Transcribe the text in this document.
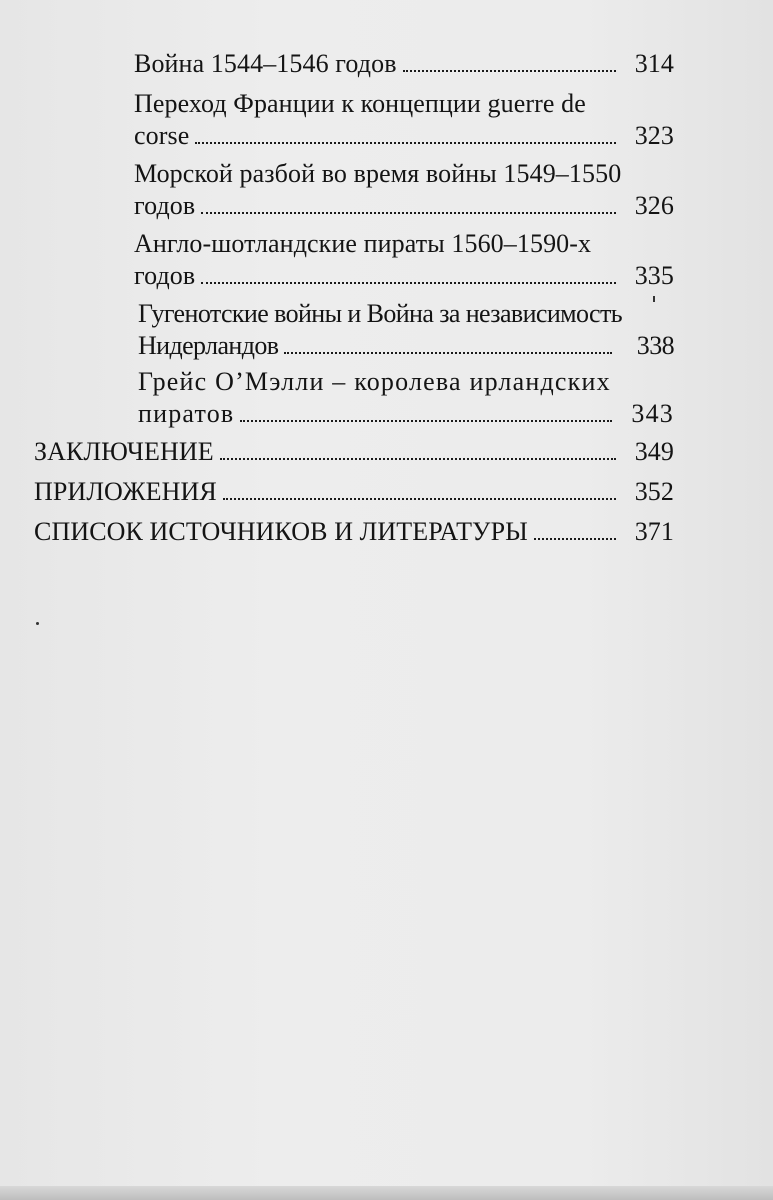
Война 1544–1546 годов	314
Переход Франции к концепции guerre de
corse	323
Морской разбой во время войны 1549–1550
годов	326
Англо-шотландские пираты 1560–1590-х
годов	335
Гугенотские войны и Война за независимость
Нидерландов	338
Грейс О’Мэлли – королева ирландских
пиратов	343
ЗАКЛЮЧЕНИЕ	349
ПРИЛОЖЕНИЯ	352
СПИСОК ИСТОЧНИКОВ И ЛИТЕРАТУРЫ	371
